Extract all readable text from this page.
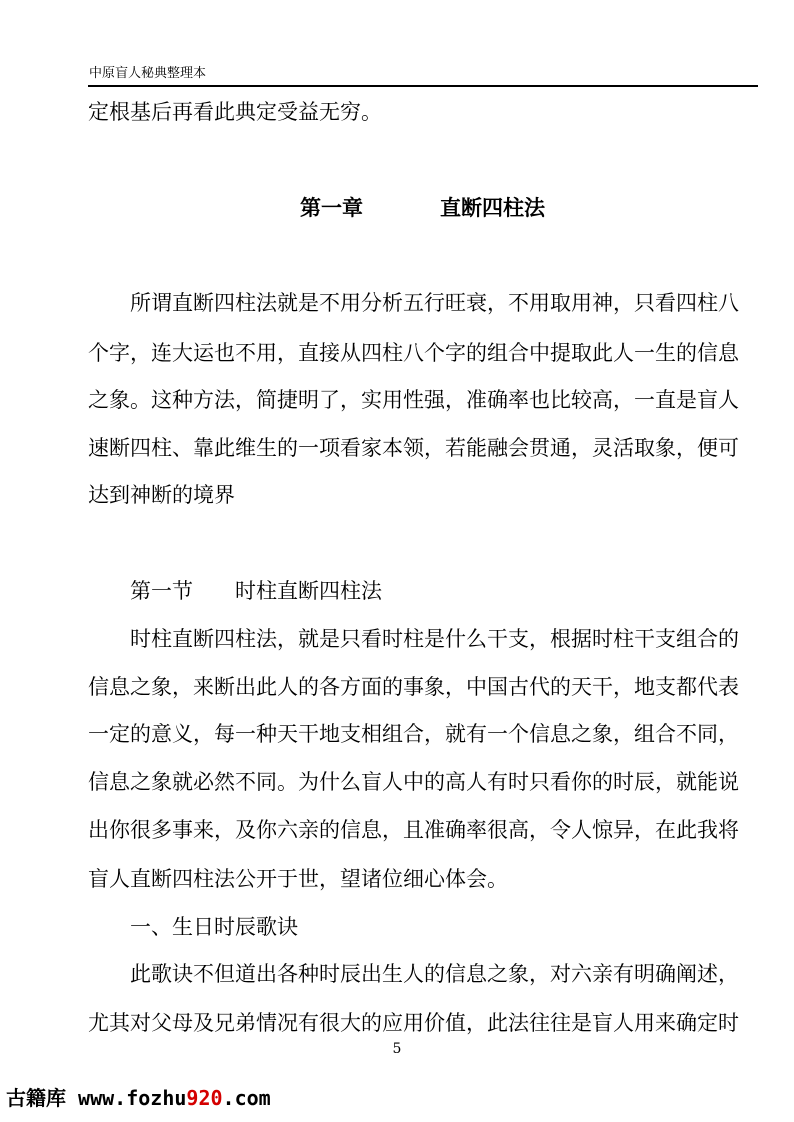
中原盲人秘典整理本
定根基后再看此典定受益无穷。
第一章	直断四柱法
　　所谓直断四柱法就是不用分析五行旺衰，不用取用神，只看四柱八
个字，连大运也不用，直接从四柱八个字的组合中提取此人一生的信息
之象。这种方法，简捷明了，实用性强，准确率也比较高，一直是盲人
速断四柱、靠此维生的一项看家本领，若能融会贯通，灵活取象，便可
达到神断的境界
　　第一节　　时柱直断四柱法
　　时柱直断四柱法，就是只看时柱是什么干支，根据时柱干支组合的
信息之象，来断出此人的各方面的事象，中国古代的天干，地支都代表
一定的意义，每一种天干地支相组合，就有一个信息之象，组合不同，
信息之象就必然不同。为什么盲人中的高人有时只看你的时辰，就能说
出你很多事来，及你六亲的信息，且准确率很高，令人惊异，在此我将
盲人直断四柱法公开于世，望诸位细心体会。
　　一、生日时辰歌诀
　　此歌诀不但道出各种时辰出生人的信息之象，对六亲有明确阐述，
尤其对父母及兄弟情况有很大的应用价值，此法往往是盲人用来确定时
5
古籍库 www.fozhu920.com
